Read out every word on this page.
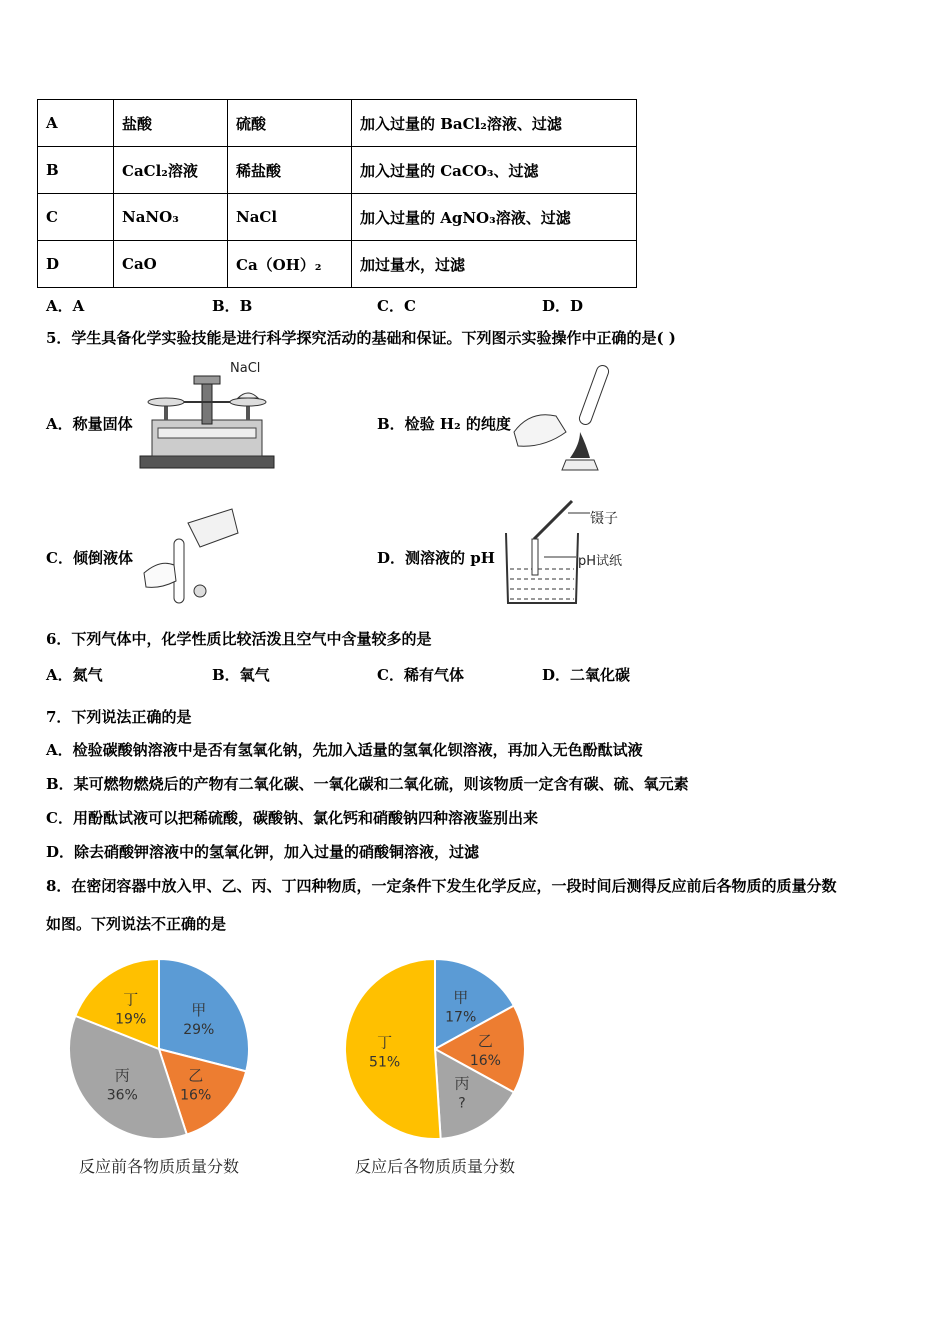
A	盐酸	硫酸	加入过量的 BaCl₂溶液、过滤
B	CaCl₂溶液	稀盐酸	加入过量的 CaCO₃、过滤
C	NaNO₃	NaCl	加入过量的 AgNO₃溶液、过滤
D	CaO	Ca（OH）₂	加过量水，过滤
A．A	B．B	C．C	D．D
5．学生具备化学实验技能是进行科学探究活动的基础和保证。下列图示实验操作中正确的是( )
A．称量固体
NaCl
B．检验 H₂ 的纯度
C．倾倒液体	D．测溶液的 pH
镊子
pH试纸
6．下列气体中，化学性质比较活泼且空气中含量较多的是
A．氮气	B．氧气	C．稀有气体	D．二氧化碳
7．下列说法正确的是
A．检验碳酸钠溶液中是否有氢氧化钠，先加入适量的氢氧化钡溶液，再加入无色酚酞试液
B．某可燃物燃烧后的产物有二氧化碳、一氧化碳和二氧化硫，则该物质一定含有碳、硫、氧元素
C．用酚酞试液可以把稀硫酸，碳酸钠、氯化钙和硝酸钠四种溶液鉴别出来
D．除去硝酸钾溶液中的氢氧化钾，加入过量的硝酸铜溶液，过滤
8．在密闭容器中放入甲、乙、丙、丁四种物质，一定条件下发生化学反应，一段时间后测得反应前后各物质的质量分数
如图。下列说法不正确的是
甲
29%
乙
16%
丙
36%
丁
19%
反应前各物质质量分数
甲
17%
乙
16%
丙
?
丁
51%
反应后各物质质量分数
